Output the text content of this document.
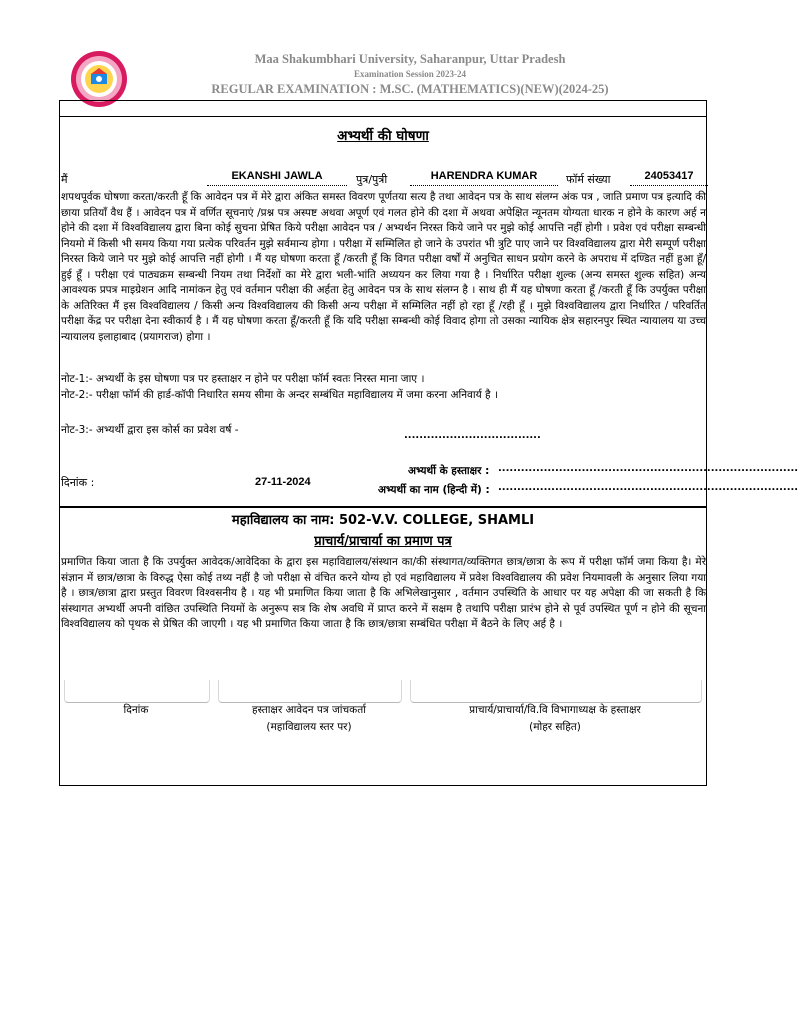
Maa Shakumbhari University, Saharanpur, Uttar Pradesh
Examination Session 2023-24
REGULAR EXAMINATION : M.SC. (MATHEMATICS)(NEW)(2024-25)
अभ्यर्थी की घोषणा
मैं	EKANSHI JAWLA	पुत्र/पुत्री	HARENDRA KUMAR	फॉर्म संख्या	24053417
शपथपूर्वक घोषणा करता/करती हूँ कि आवेदन पत्र में मेरे द्वारा अंकित समस्त विवरण पूर्णतया सत्य है तथा आवेदन पत्र के साथ संलग्न अंक पत्र , जाति प्रमाण पत्र इत्यादि की छाया प्रतियाँ वैध हैं । आवेदन पत्र में वर्णित सूचनाएं /प्रश्न पत्र अस्पष्ट अथवा अपूर्ण एवं गलत होने की दशा में अथवा अपेक्षित न्यूनतम योग्यता धारक न होने के कारण अर्ह न होने की दशा में विश्वविद्यालय द्वारा बिना कोई सुचना प्रेषित किये परीक्षा आवेदन पत्र / अभ्यर्थन निरस्त किये जाने पर मुझे कोई आपत्ति नहीं होगी । प्रवेश एवं परीक्षा सम्बन्धी नियमो में किसी भी समय किया गया प्रत्येक परिवर्तन मुझे सर्वमान्य होगा । परीक्षा में सम्मिलित हो जाने के उपरांत भी त्रुटि पाए जाने पर विश्वविद्यालय द्वारा मेरी सम्पूर्ण परीक्षा निरस्त किये जाने पर मुझे कोई आपत्ति नहीं होगी । मैं यह घोषणा करता हूँ /करती हूँ कि विगत परीक्षा वर्षों में अनुचित साधन प्रयोग करने के अपराध में दण्डित नहीं हुआ हूँ/हुई हूँ । परीक्षा एवं पाठ्यक्रम सम्बन्धी नियम तथा निर्देशों का मेरे द्वारा भली-भांति अध्ययन कर लिया गया है । निर्धारित परीक्षा शुल्क (अन्य समस्त शुल्क सहित) अन्य आवश्यक प्रपत्र माइग्रेशन आदि नामांकन हेतु एवं वर्तमान परीक्षा की अर्हता हेतु आवेदन पत्र के साथ संलग्न है । साथ ही मैं यह घोषणा करता हूँ /करती हूँ कि उपर्युक्त परीक्षा के अतिरिक्त मैं इस विश्वविद्यालय / किसी अन्य विश्वविद्यालय की किसी अन्य परीक्षा में सम्मिलित नहीं हो रहा हूँ /रही हूँ । मुझे विश्वविद्यालय द्वारा निर्धारित / परिवर्तित परीक्षा केंद्र पर परीक्षा देना स्वीकार्य है । मैं यह घोषणा करता हूँ/करती हूँ कि यदि परीक्षा सम्बन्धी कोई विवाद होगा तो उसका न्यायिक क्षेत्र सहारनपुर स्थित न्यायालय या उच्च न्यायालय इलाहाबाद (प्रयागराज) होगा ।
नोट-1:- अभ्यर्थी के इस घोषणा पत्र पर हस्ताक्षर न होने पर परीक्षा फॉर्म स्वतः निरस्त माना जाए ।
नोट-2:- परीक्षा फॉर्म की हार्ड-कॉपी निधारित समय सीमा के अन्दर सम्बंधित महाविद्यालय में जमा करना अनिवार्य है ।
नोट-3:- अभ्यर्थी द्वारा इस कोर्स का प्रवेश वर्ष -	....................................
अभ्यर्थी के हस्ताक्षर : ...............................................................................
दिनांक :	27-11-2024
अभ्यर्थी का नाम (हिन्दी में) : ...............................................................................
महाविद्यालय का नाम: 502-V.V. COLLEGE, SHAMLI
प्राचार्य/प्राचार्या का प्रमाण पत्र
प्रमाणित किया जाता है कि उपर्युक्त आवेदक/आवेदिका के द्वारा इस महाविद्यालय/संस्थान का/की संस्थागत/व्यक्तिगत छात्र/छात्रा के रूप में परीक्षा फॉर्म जमा किया है। मेरे संज्ञान में छात्र/छात्रा के विरुद्ध ऐसा कोई तथ्य नहीं है जो परीक्षा से वंचित करने योग्य हो एवं महाविद्यालय में प्रवेश विश्वविद्यालय की प्रवेश नियमावली के अनुसार लिया गया है । छात्र/छात्रा द्वारा प्रस्तुत विवरण विश्वसनीय है । यह भी प्रमाणित किया जाता है कि अभिलेखानुसार , वर्तमान उपस्थिति के आधार पर यह अपेक्षा की जा सकती है कि संस्थागत अभ्यर्थी अपनी वांछित उपस्थिति नियमों के अनुरूप सत्र कि शेष अवधि में प्राप्त करने में सक्षम है तथापि परीक्षा प्रारंभ होने से पूर्व उपस्थित पूर्ण न होने की सूचना विश्वविद्यालय को पृथक से प्रेषित की जाएगी । यह भी प्रमाणित किया जाता है कि छात्र/छात्रा सम्बंधित परीक्षा में बैठने के लिए अर्ह है ।
दिनांक	हस्ताक्षर आवेदन पत्र जांचकर्ता
(महाविद्यालय स्तर पर)
प्राचार्य/प्राचार्या/वि.वि विभागाध्यक्ष के हस्ताक्षर
(मोहर सहित)
